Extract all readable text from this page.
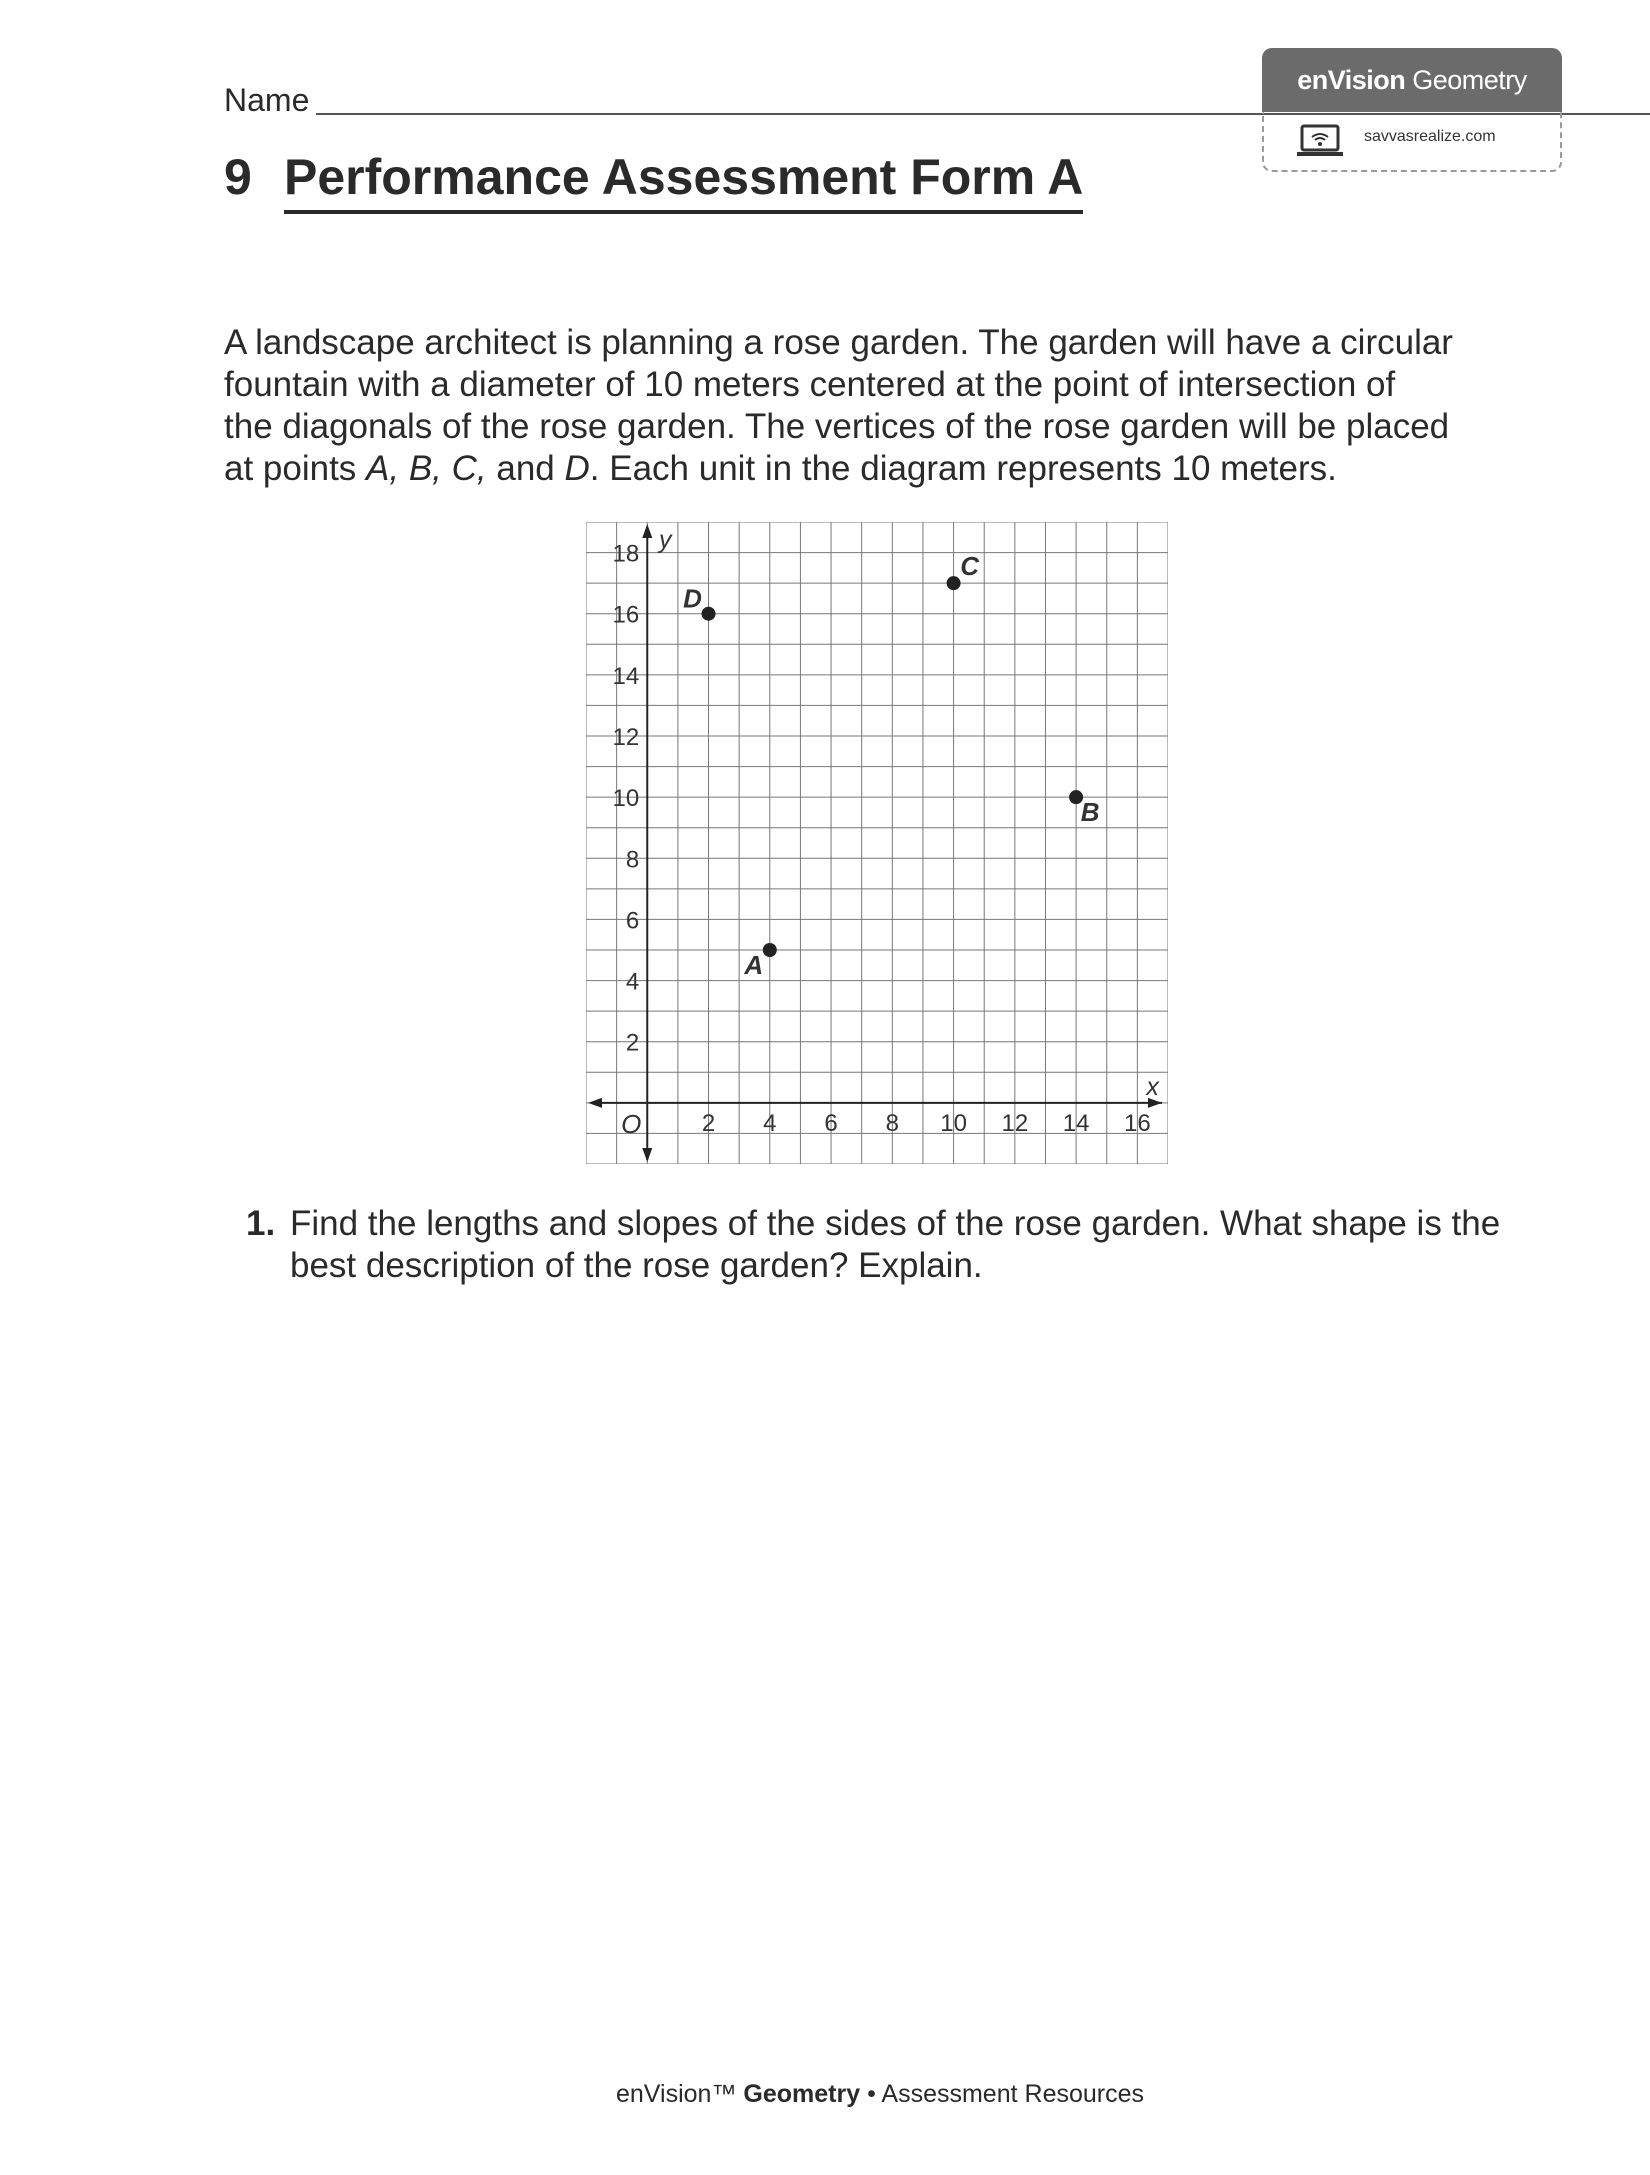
Name
enVision Geometry
savvasrealize.com
9 Performance Assessment Form A
A landscape architect is planning a rose garden. The garden will have a circular
fountain with a diameter of 10 meters centered at the point of intersection of
the diagonals of the rose garden. The vertices of the rose garden will be placed
at points A, B, C, and D. Each unit in the diagram represents 10 meters.
2 4 6 8 10 12 14 16
2
4
6
8
10
12
14
16
18
x
y
O
A
B
C
D
1. Find the lengths and slopes of the sides of the rose garden. What shape is the
best description of the rose garden? Explain.
enVision™ Geometry • Assessment Resources
